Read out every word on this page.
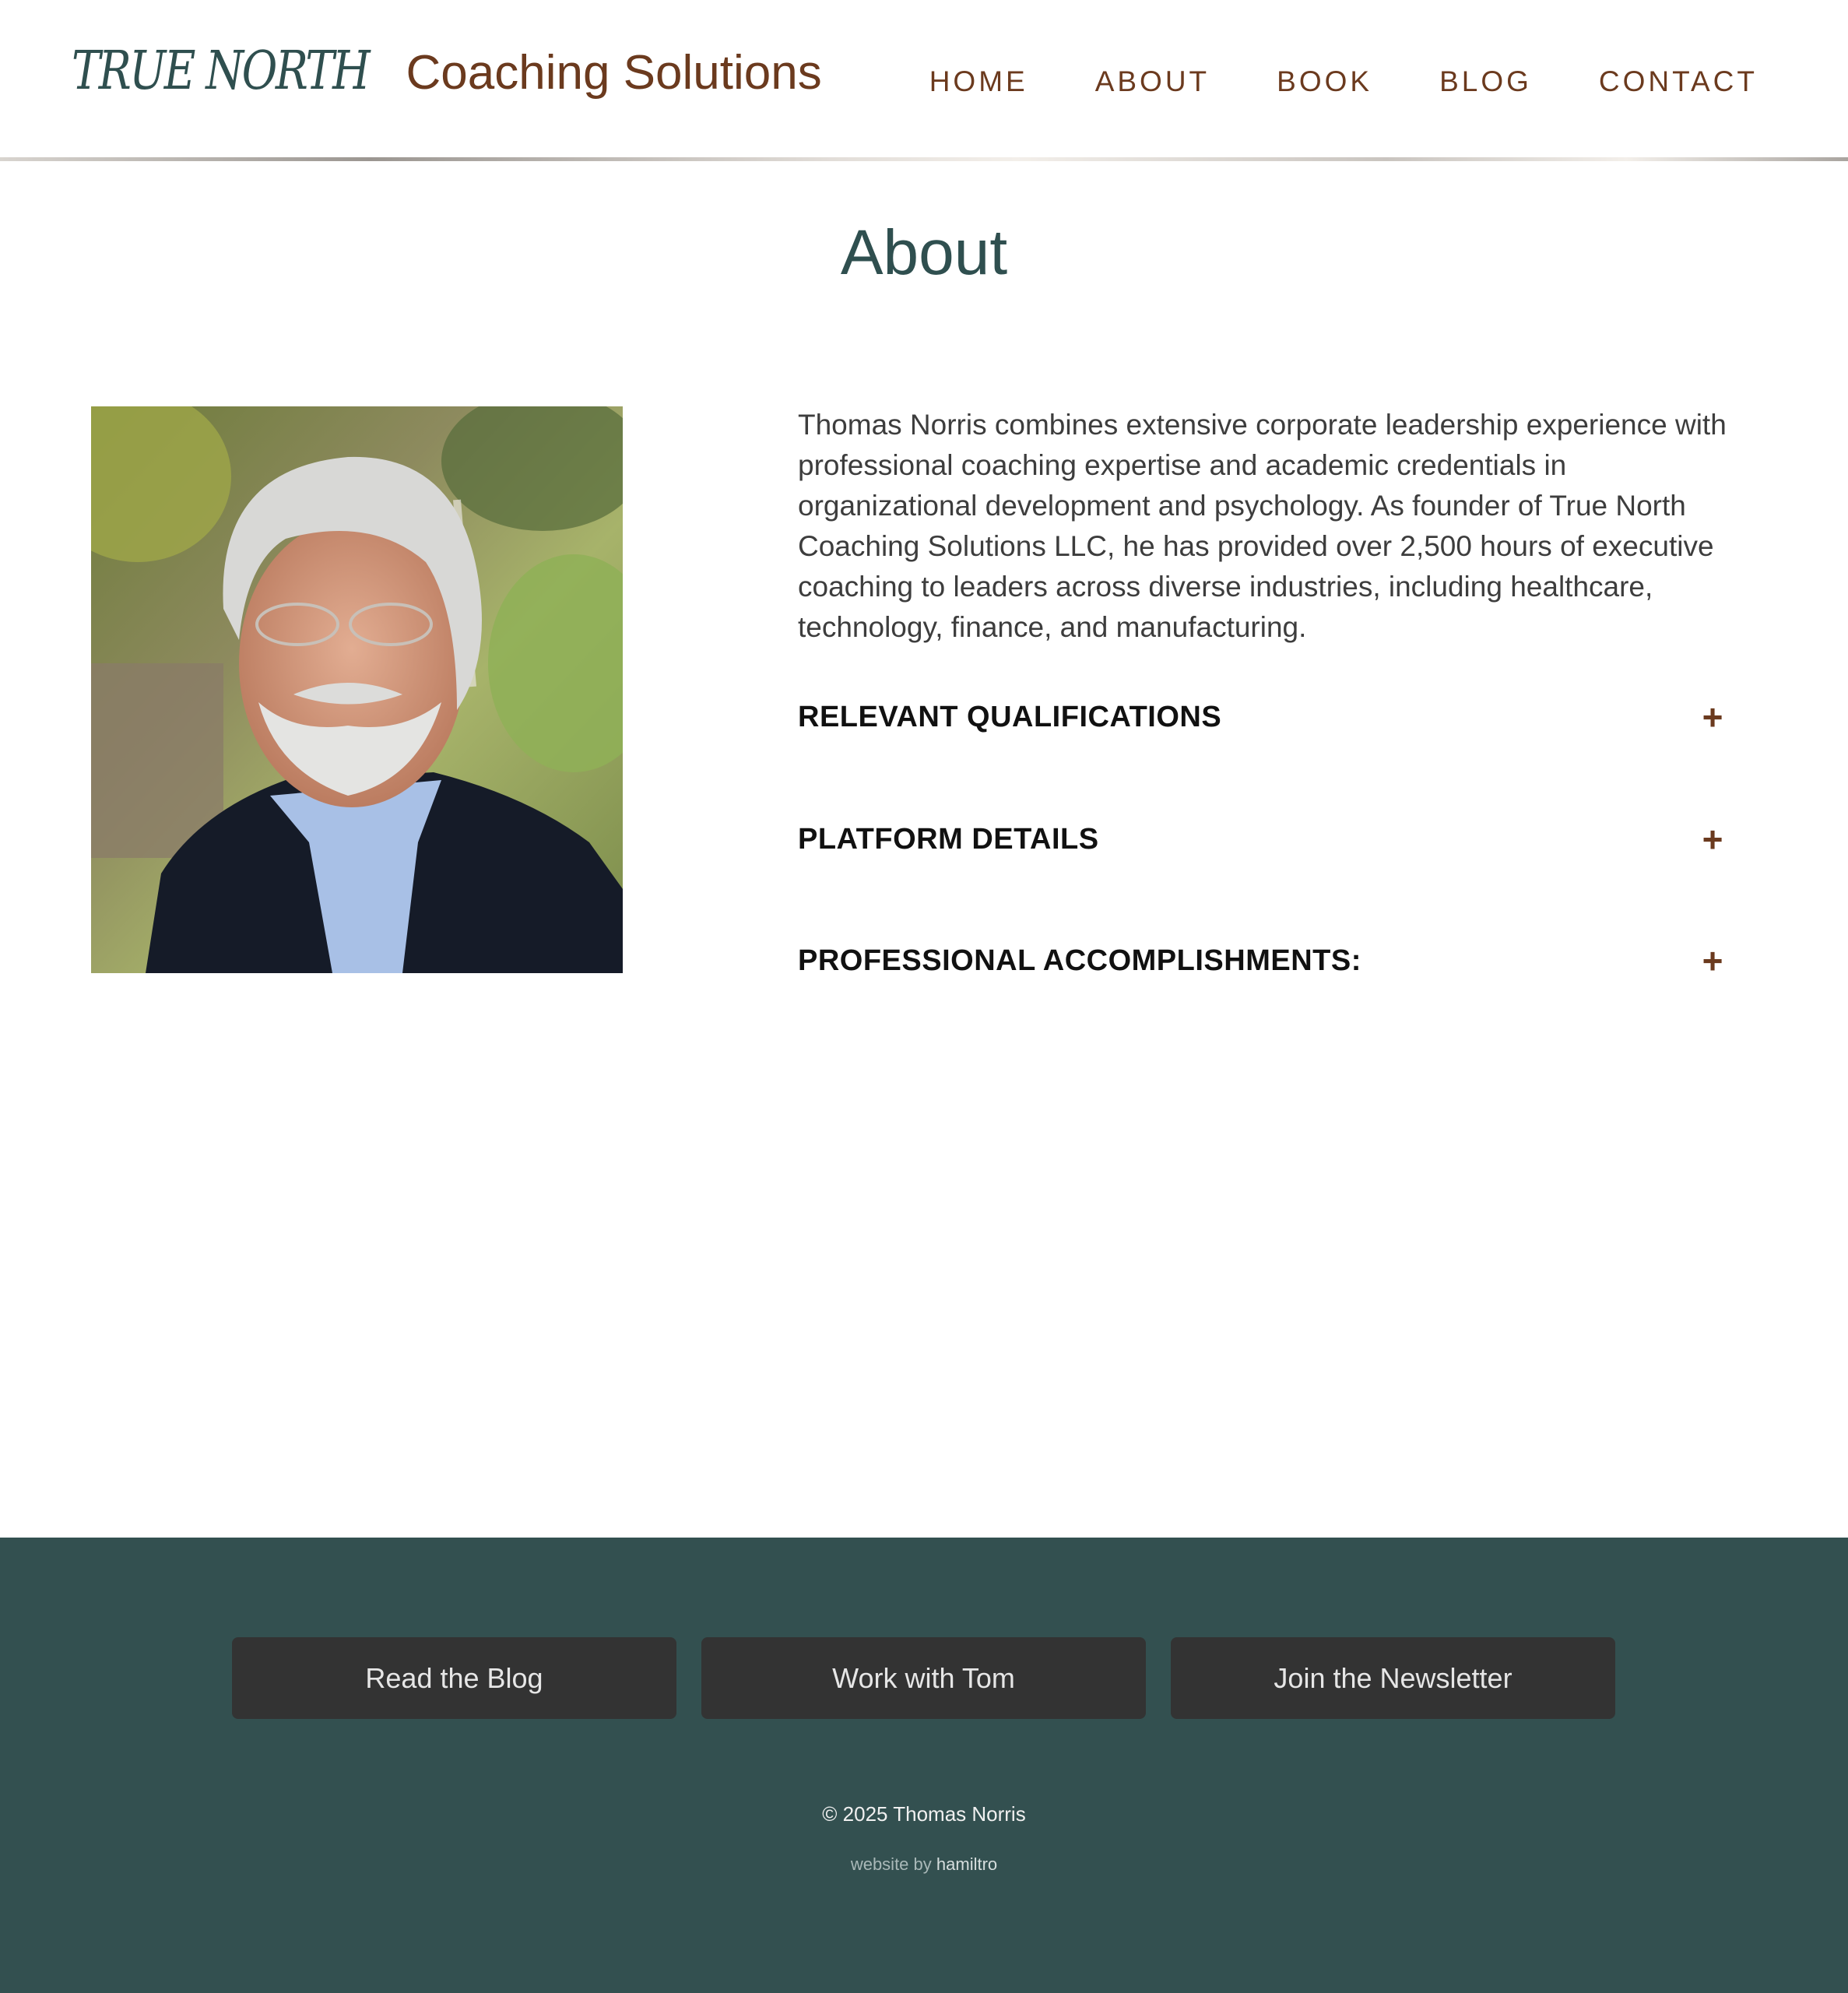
TRUE NORTH Coaching Solutions	HOME ABOUT BOOK BLOG CONTACT
About

Thomas Norris combines extensive corporate leadership experience with professional coaching expertise and academic credentials in organizational development and psychology. As founder of True North Coaching Solutions LLC, he has provided over 2,500 hours of executive coaching to leaders across diverse industries, including healthcare, technology, finance, and manufacturing.

RELEVANT QUALIFICATIONS	+
PLATFORM DETAILS	+
PROFESSIONAL ACCOMPLISHMENTS:	+
Read the Blog	Work with Tom	Join the Newsletter
© 2025 Thomas Norris
website by hamiltro
